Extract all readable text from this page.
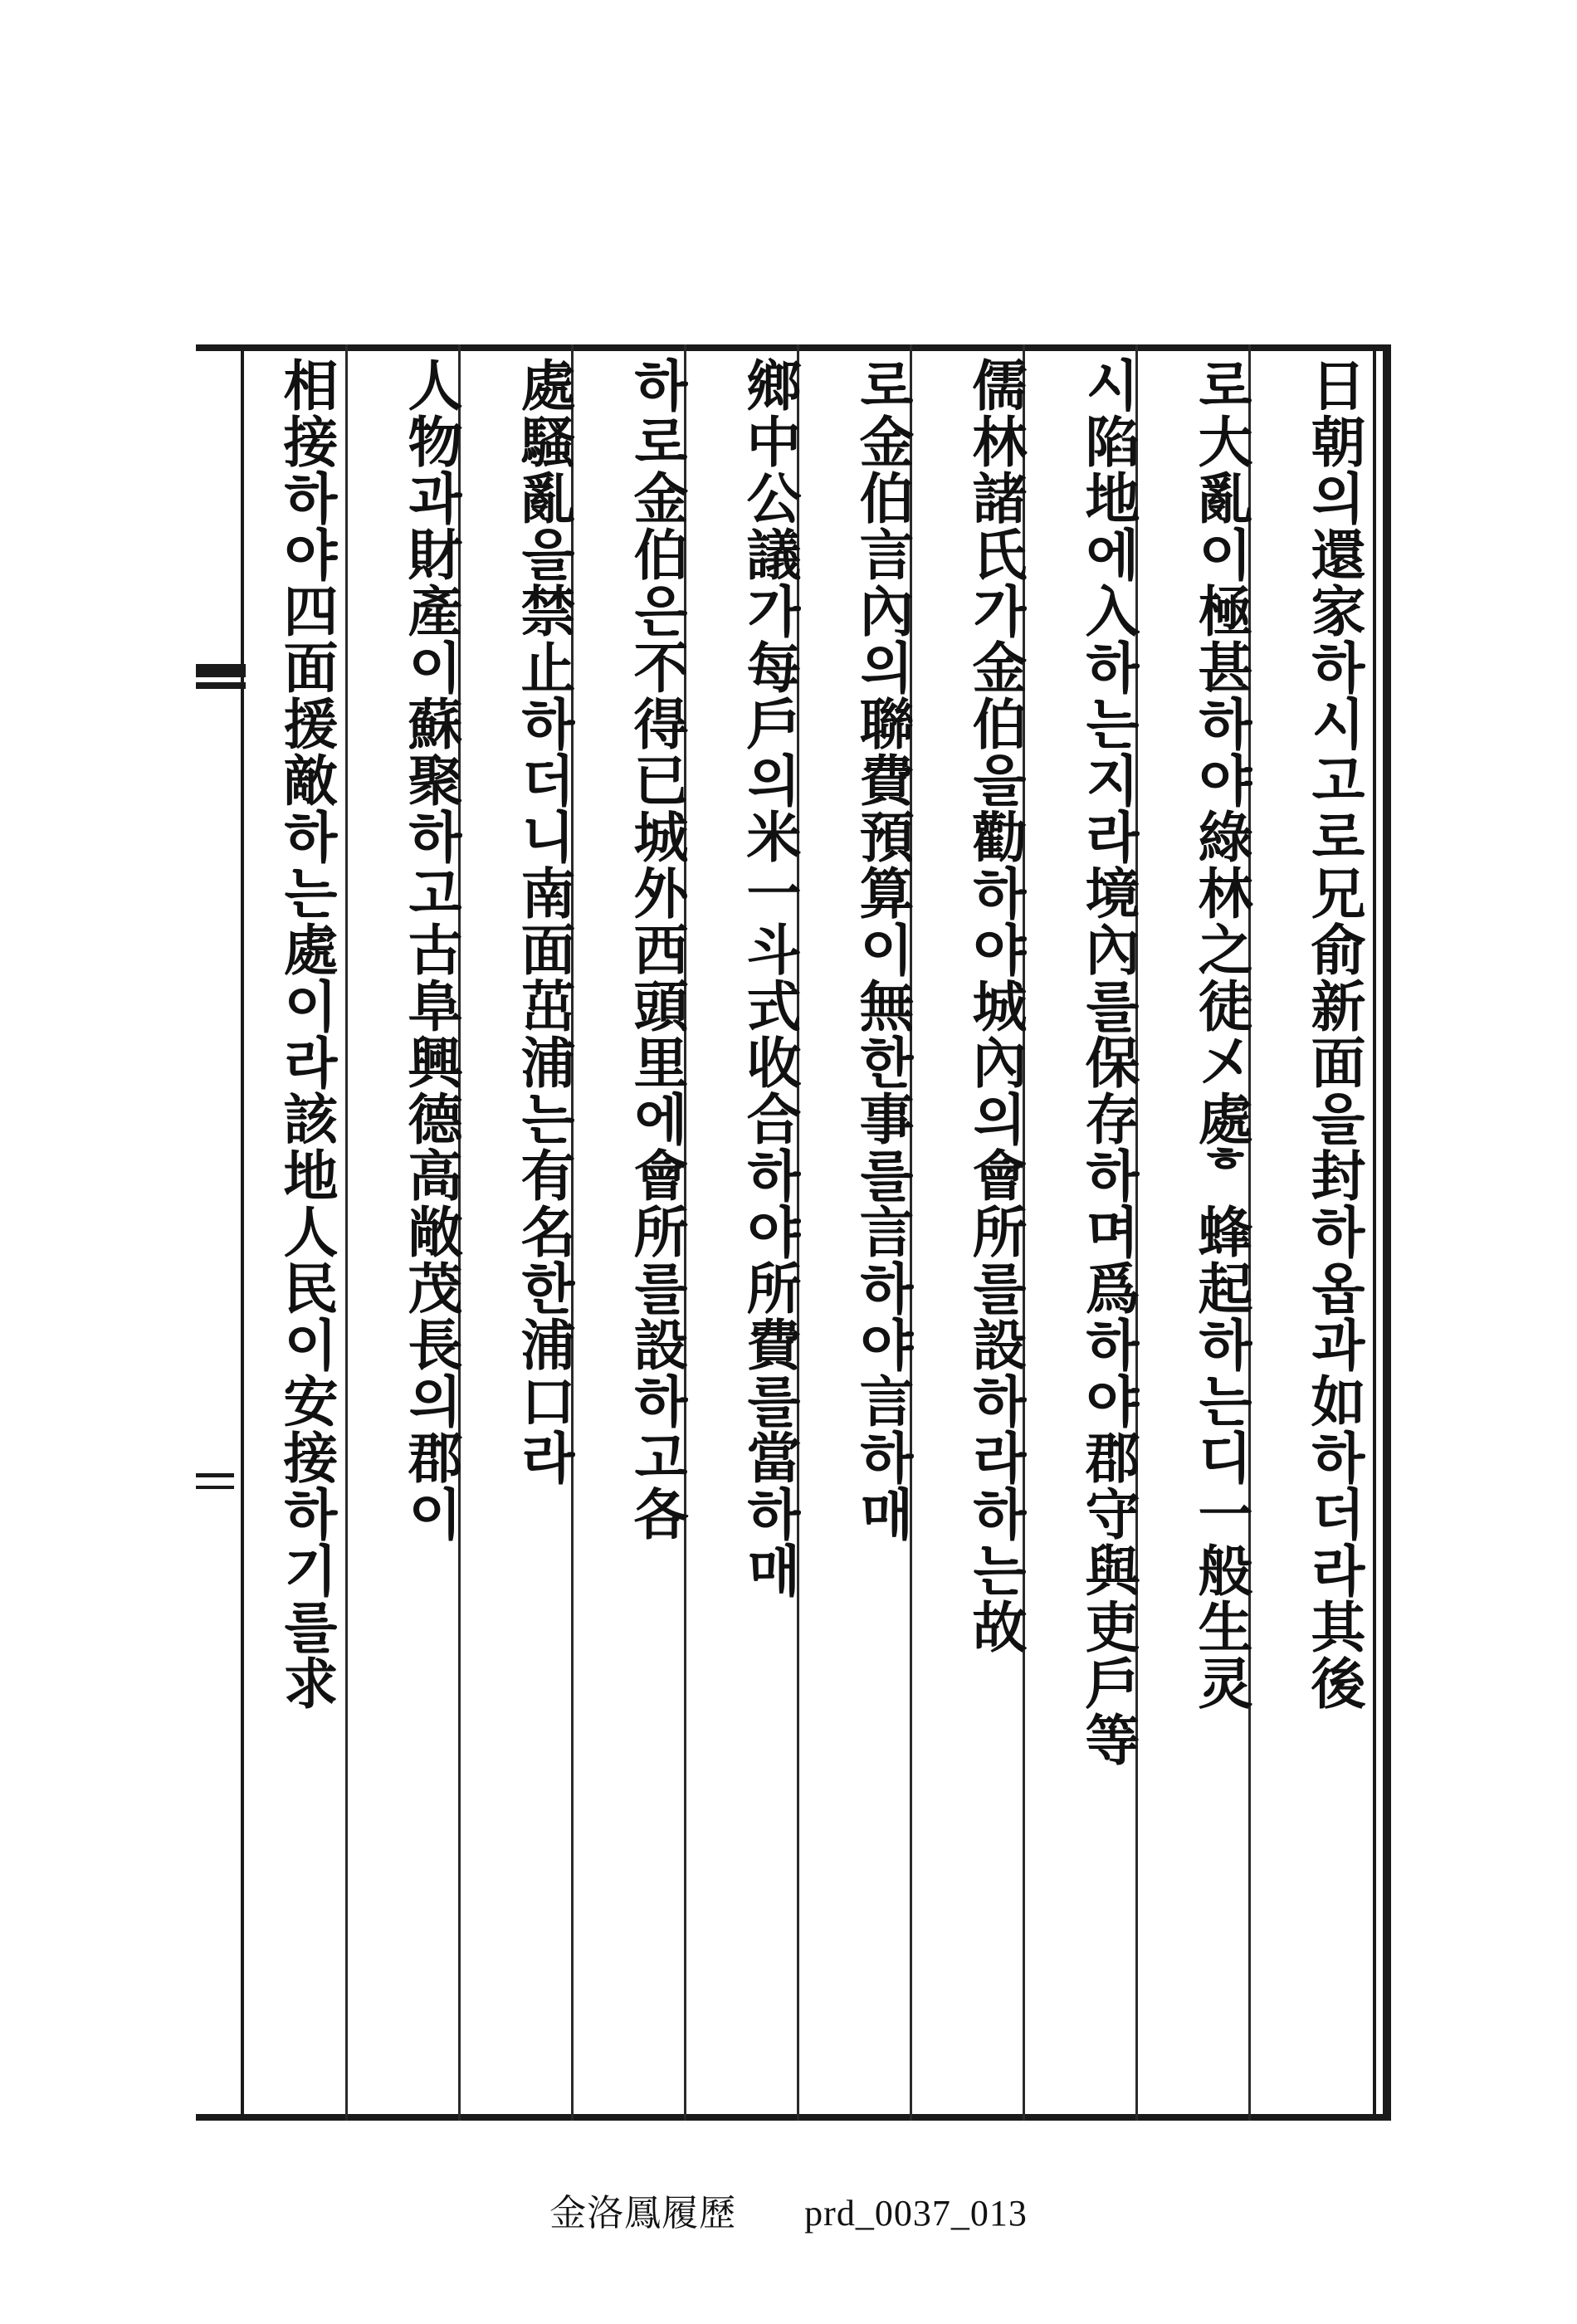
日朝의還家하시고로兄俞新面을封하옵과如하더라其後
로大亂이極甚하야綠林之徒㐅處ᄒ蜂起하는디一般生灵
시陷地에入하는지라境內를保存하며爲하야郡守與吏戶等
儒林諸氏가金伯을勸하야城內의會所를設하라하는故
로金伯言內의聯費預算이無한事를言하야言하매
鄉中公議가每戶의米一斗式收合하야所費를當하매
하로金伯은不得已城外西頭里에會所를設하고各
處騷亂을禁止하더니南面茁浦는有名한浦口라
人物과財產이蘇聚하고古阜興德高敞茂長의郡이
相接하야四面援敵하는處이라該地人民이安接하기를求
金洛鳳履歷 prd_0037_013
